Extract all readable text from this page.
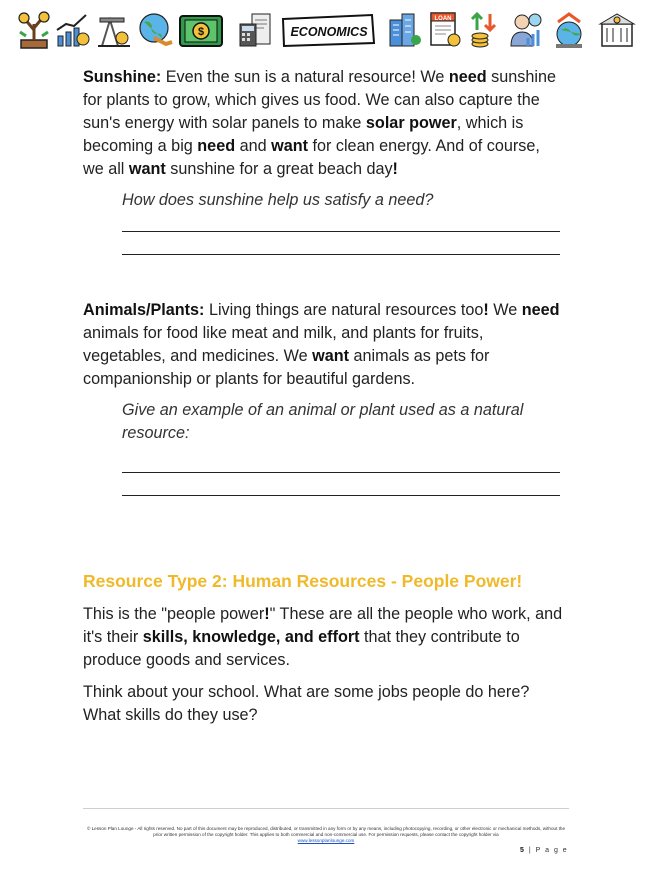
$	ECONOMICS
LOAN

Sunshine: Even the sun is a natural resource! We need sunshine for plants to grow, which gives us food. We can also capture the sun's energy with solar panels to make solar power, which is becoming a big need and want for clean energy. And of course, we all want sunshine for a great beach day!

How does sunshine help us satisfy a need?

Animals/Plants: Living things are natural resources too! We need animals for food like meat and milk, and plants for fruits, vegetables, and medicines. We want animals as pets for companionship or plants for beautiful gardens.

Give an example of an animal or plant used as a natural resource:

Resource Type 2: Human Resources - People Power!

This is the "people power!" These are all the people who work, and it's their skills, knowledge, and effort that they contribute to produce goods and services.

Think about your school. What are some jobs people do here? What skills do they use?

© Lesson Plan Lounge - All rights reserved. No part of this document may be reproduced, distributed, or transmitted in any form or by any means, including photocopying, recording, or other electronic or mechanical methods, without the prior written permission of the copyright holder. This applies to both commercial and non-commercial use. For permission requests, please contact the copyright holder via
www.lessonplanlounge.com
5 | P a g e
